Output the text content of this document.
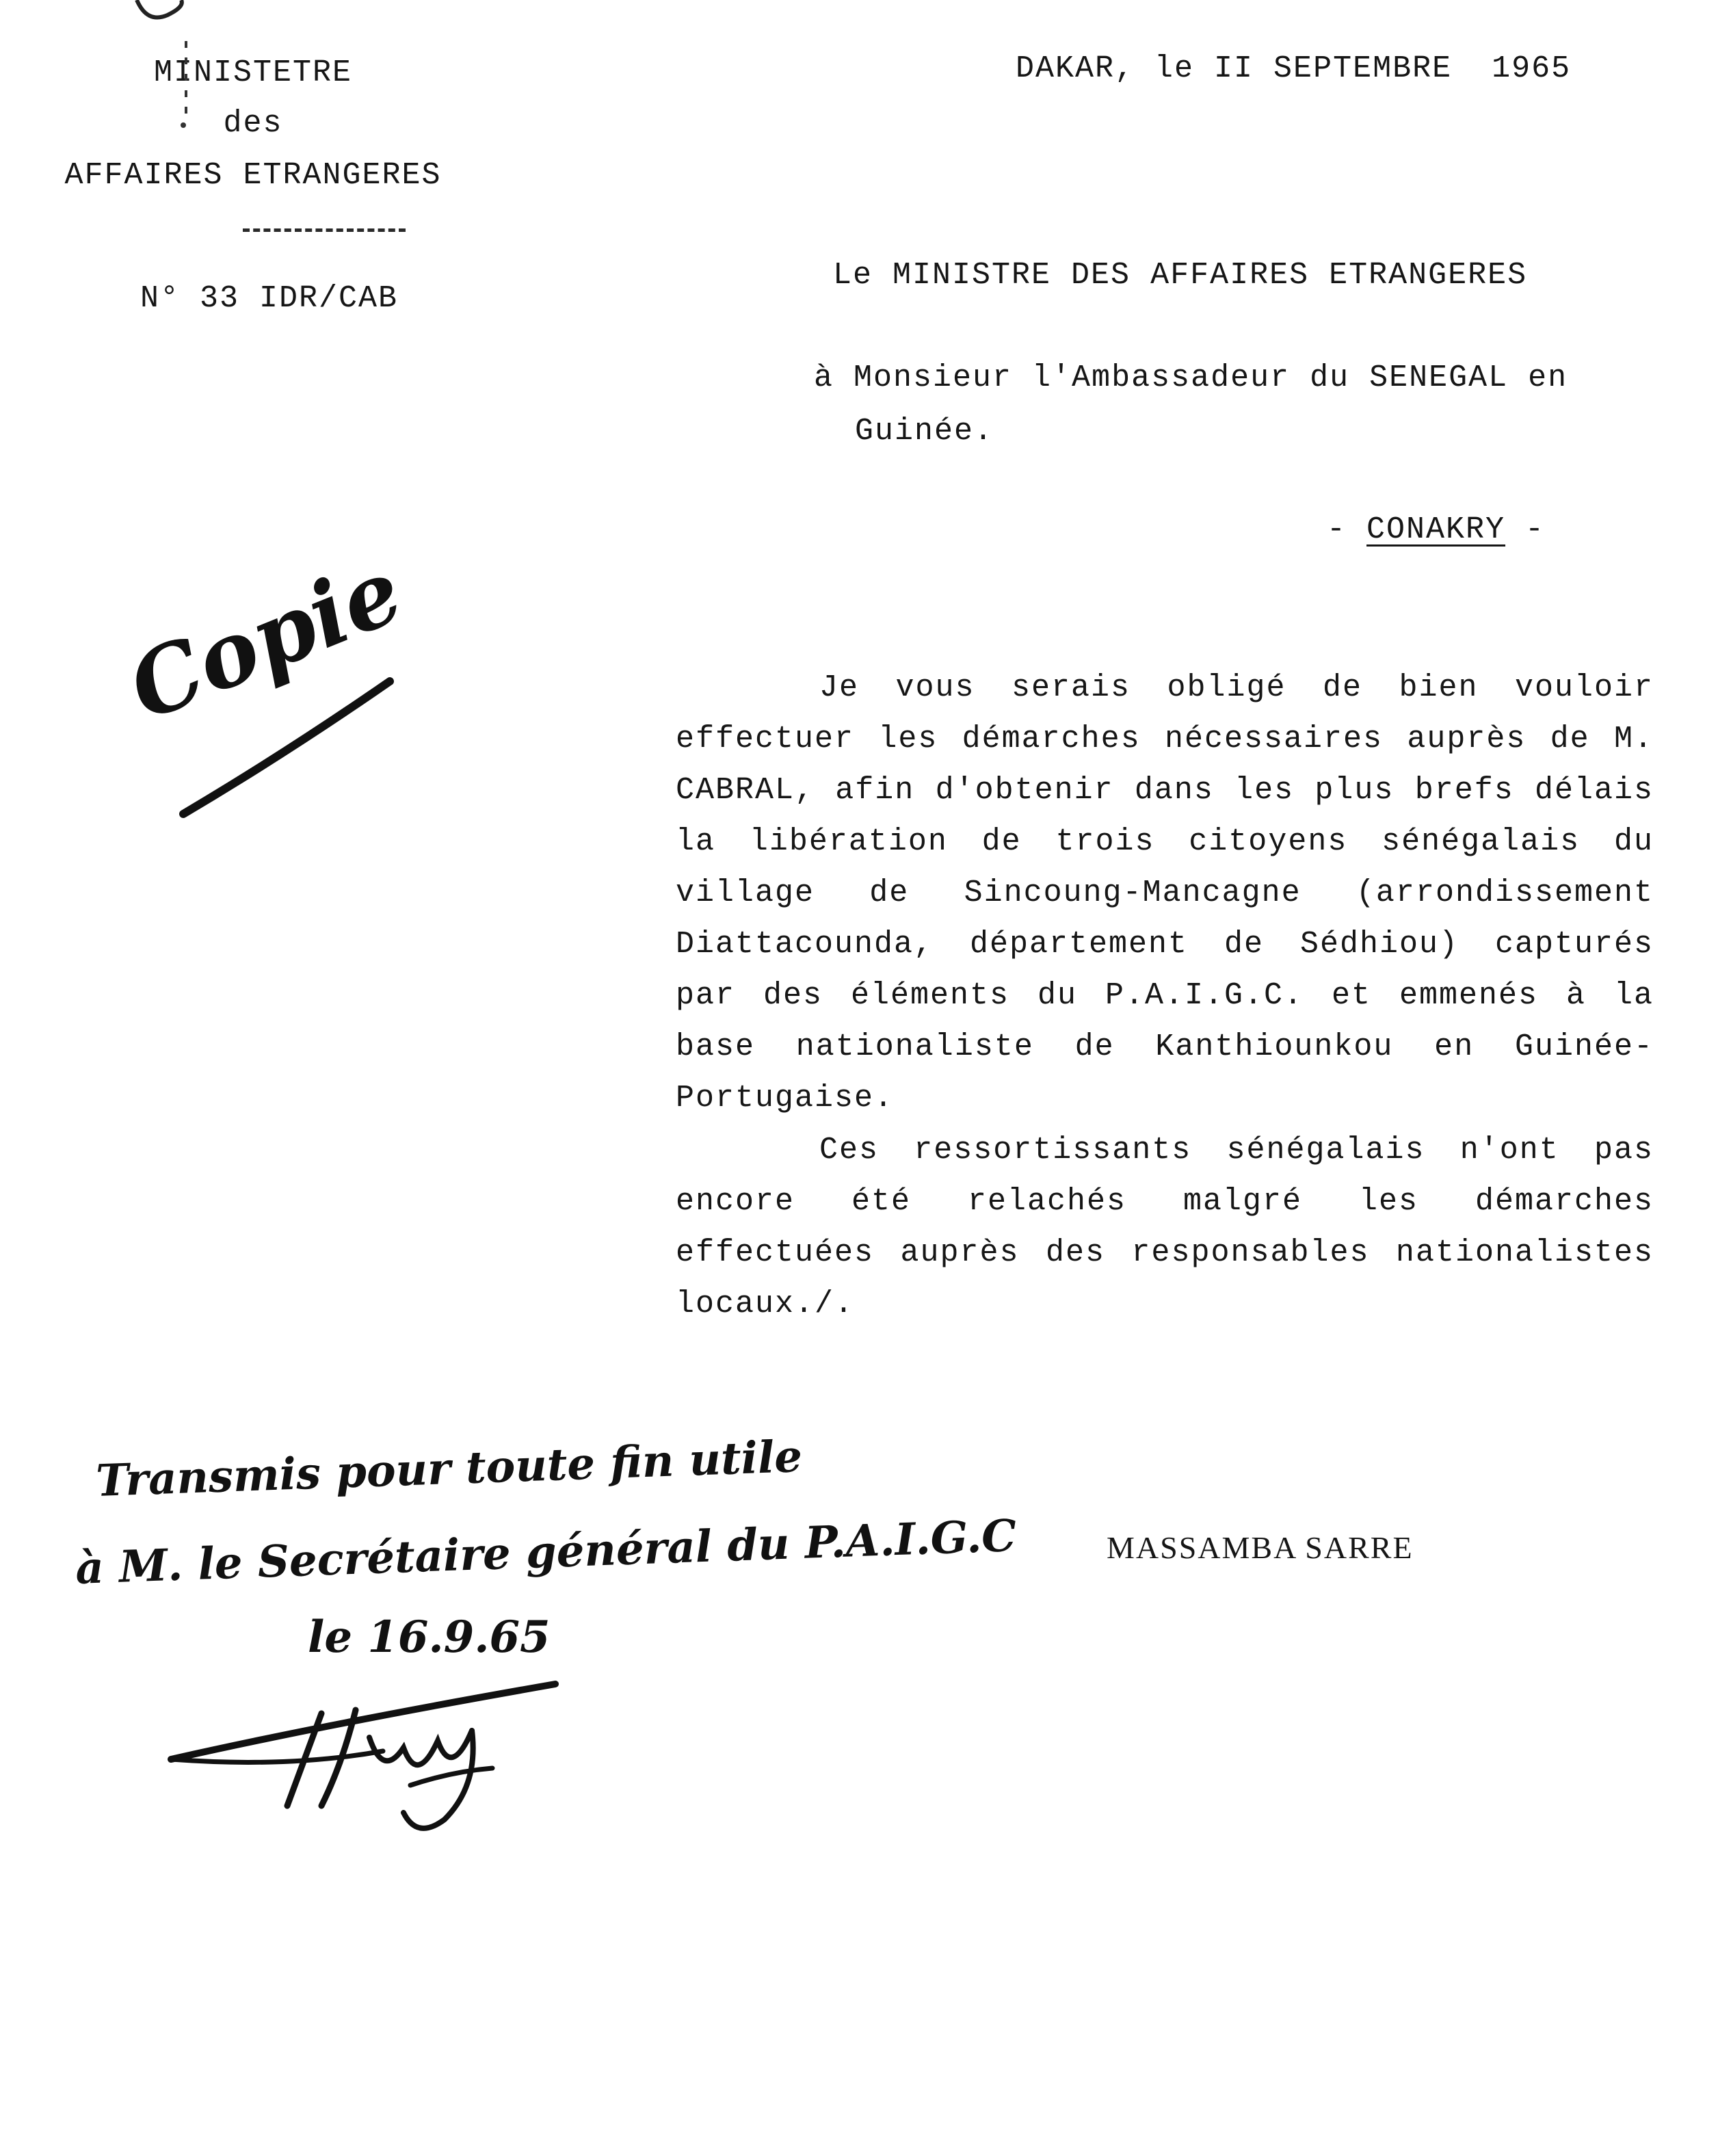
MINISTETRE
des
AFFAIRES ETRANGERES
N° 33 IDR/CAB
DAKAR, le II SEPTEMBRE  1965
Le MINISTRE DES AFFAIRES ETRANGERES
à Monsieur l'Ambassadeur du SENEGAL en
Guinée.
- CONAKRY -
Je vous serais obligé de bien vouloir effectuer les démarches nécessaires auprès de M. CABRAL, afin d'obtenir dans les plus brefs délais la libération de trois citoyens sénégalais du village de Sincoung-Mancagne (arrondissement Diattacounda, département de Sédhiou) capturés par des éléments du P.A.I.G.C. et emmenés à la base nationaliste de Kanthiounkou en Guinée-Portugaise.
Ces ressortissants sénégalais n'ont pas encore été relachés malgré les démarches effectuées auprès des responsables nationalistes locaux./.
MASSAMBA SARRE
Copie
Transmis pour toute fin utile
à M. le Secrétaire général du P.A.I.G.C
le 16.9.65
